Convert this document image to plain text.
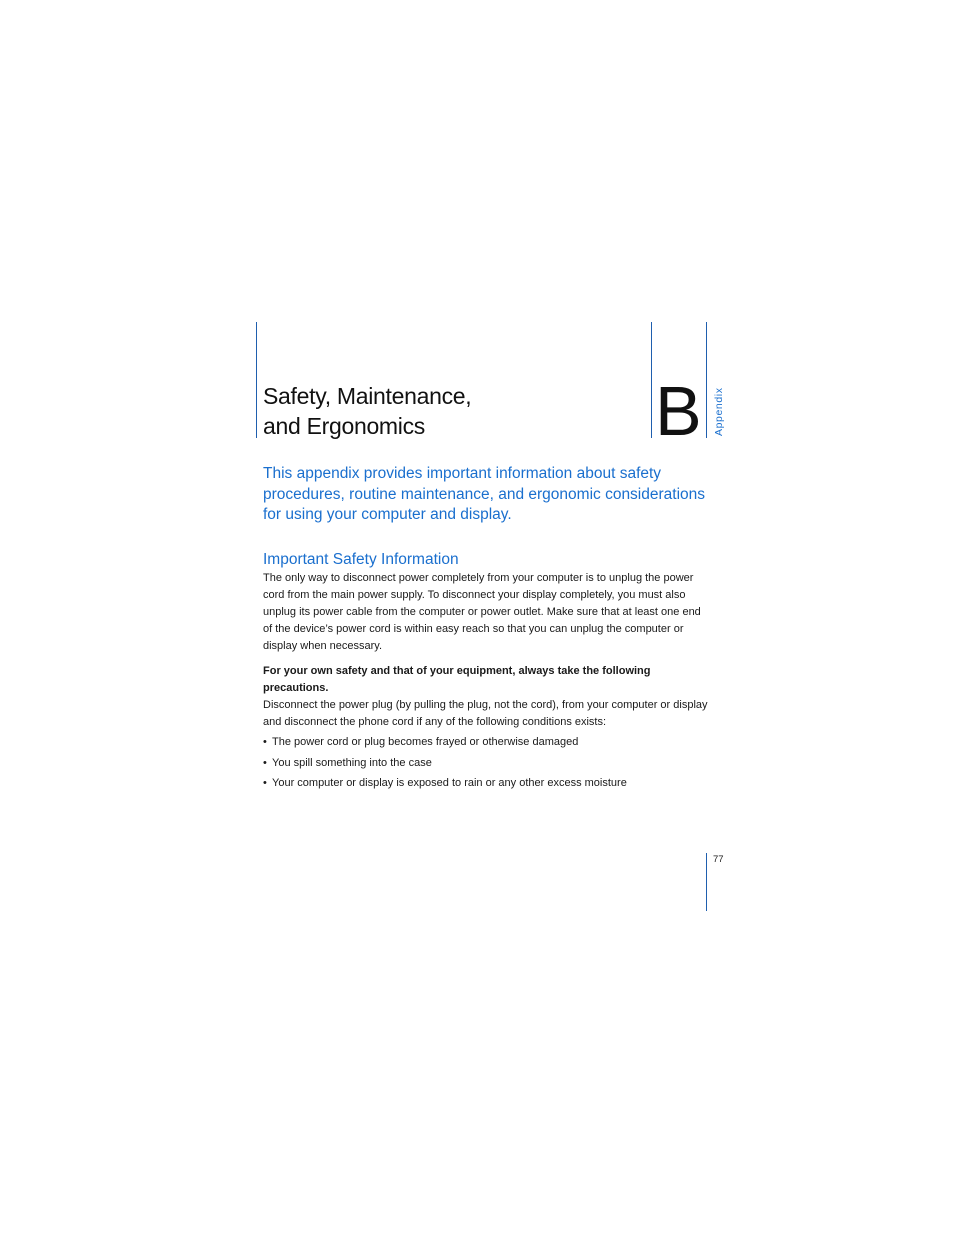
Safety, Maintenance,
and Ergonomics	B Appendix

This appendix provides important information about safety procedures, routine maintenance, and ergonomic considerations for using your computer and display.

Important Safety Information

The only way to disconnect power completely from your computer is to unplug the power cord from the main power supply. To disconnect your display completely, you must also unplug its power cable from the computer or power outlet. Make sure that at least one end of the device’s power cord is within easy reach so that you can unplug the computer or display when necessary.

For your own safety and that of your equipment, always take the following precautions.

Disconnect the power plug (by pulling the plug, not the cord), from your computer or display and disconnect the phone cord if any of the following conditions exists:

• The power cord or plug becomes frayed or otherwise damaged
• You spill something into the case
• Your computer or display is exposed to rain or any other excess moisture
77
